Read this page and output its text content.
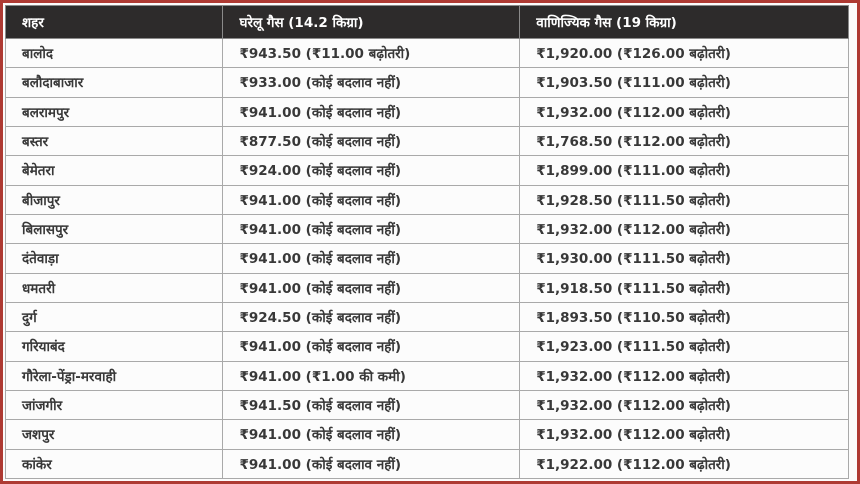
शहर	घरेलू गैस (14.2 किग्रा)	वाणिज्यिक गैस (19 किग्रा)
बालोद	₹943.50 (₹11.00 बढ़ोतरी)	₹1,920.00 (₹126.00 बढ़ोतरी)
बलौदाबाजार	₹933.00 (कोई बदलाव नहीं)	₹1,903.50 (₹111.00 बढ़ोतरी)
बलरामपुर	₹941.00 (कोई बदलाव नहीं)	₹1,932.00 (₹112.00 बढ़ोतरी)
बस्तर	₹877.50 (कोई बदलाव नहीं)	₹1,768.50 (₹112.00 बढ़ोतरी)
बेमेतरा	₹924.00 (कोई बदलाव नहीं)	₹1,899.00 (₹111.00 बढ़ोतरी)
बीजापुर	₹941.00 (कोई बदलाव नहीं)	₹1,928.50 (₹111.50 बढ़ोतरी)
बिलासपुर	₹941.00 (कोई बदलाव नहीं)	₹1,932.00 (₹112.00 बढ़ोतरी)
दंतेवाड़ा	₹941.00 (कोई बदलाव नहीं)	₹1,930.00 (₹111.50 बढ़ोतरी)
धमतरी	₹941.00 (कोई बदलाव नहीं)	₹1,918.50 (₹111.50 बढ़ोतरी)
दुर्ग	₹924.50 (कोई बदलाव नहीं)	₹1,893.50 (₹110.50 बढ़ोतरी)
गरियाबंद	₹941.00 (कोई बदलाव नहीं)	₹1,923.00 (₹111.50 बढ़ोतरी)
गौरेला-पेंड्रा-मरवाही	₹941.00 (₹1.00 की कमी)	₹1,932.00 (₹112.00 बढ़ोतरी)
जांजगीर	₹941.50 (कोई बदलाव नहीं)	₹1,932.00 (₹112.00 बढ़ोतरी)
जशपुर	₹941.00 (कोई बदलाव नहीं)	₹1,932.00 (₹112.00 बढ़ोतरी)
कांकेर	₹941.00 (कोई बदलाव नहीं)	₹1,922.00 (₹112.00 बढ़ोतरी)
